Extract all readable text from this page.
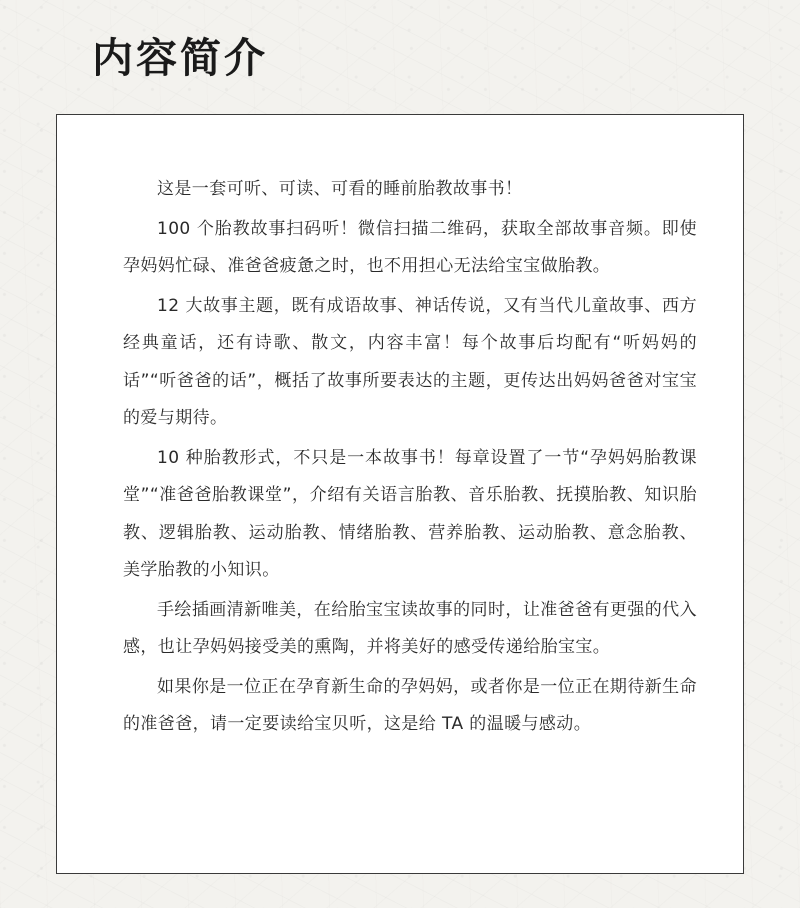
内容简介

这是一套可听、可读、可看的睡前胎教故事书！

100 个胎教故事扫码听！微信扫描二维码，获取全部故事音频。即使孕妈妈忙碌、准爸爸疲惫之时，也不用担心无法给宝宝做胎教。

12 大故事主题，既有成语故事、神话传说，又有当代儿童故事、西方经典童话，还有诗歌、散文，内容丰富！每个故事后均配有“听妈妈的话”“听爸爸的话”，概括了故事所要表达的主题，更传达出妈妈爸爸对宝宝的爱与期待。

10 种胎教形式，不只是一本故事书！每章设置了一节“孕妈妈胎教课堂”“准爸爸胎教课堂”，介绍有关语言胎教、音乐胎教、抚摸胎教、知识胎教、逻辑胎教、运动胎教、情绪胎教、营养胎教、运动胎教、意念胎教、美学胎教的小知识。

手绘插画清新唯美，在给胎宝宝读故事的同时，让准爸爸有更强的代入感，也让孕妈妈接受美的熏陶，并将美好的感受传递给胎宝宝。

如果你是一位正在孕育新生命的孕妈妈，或者你是一位正在期待新生命的准爸爸，请一定要读给宝贝听，这是给 TA 的温暖与感动。
